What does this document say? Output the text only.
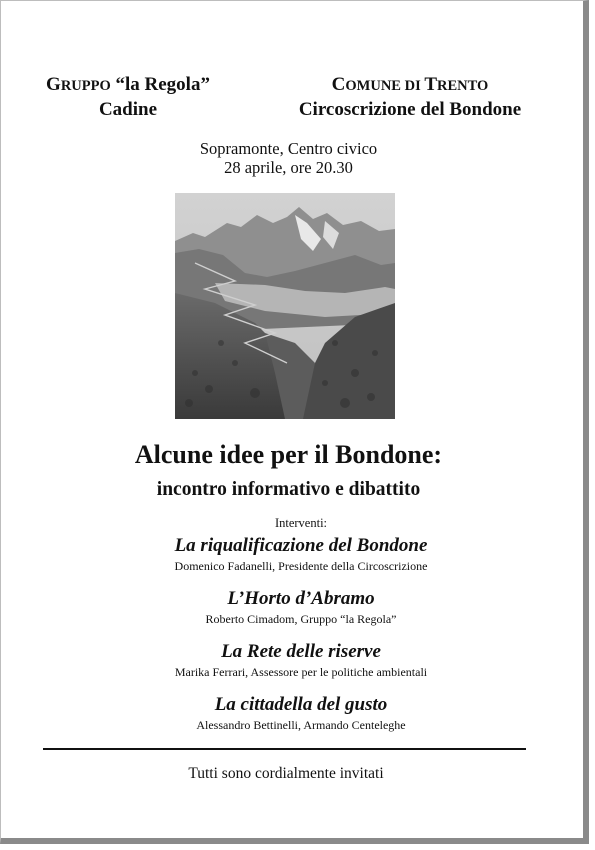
GRUPPO “la Regola”
Cadine
COMUNE DI TRENTO
Circoscrizione del Bondone
Sopramonte, Centro civico
28 aprile, ore 20.30
Alcune idee per il Bondone:
incontro informativo e dibattito
Interventi:
La riqualificazione del Bondone
Domenico Fadanelli, Presidente della Circoscrizione
L’Horto d’Abramo
Roberto Cimadom, Gruppo “la Regola”
La Rete delle riserve
Marika Ferrari, Assessore per le politiche ambientali
La cittadella del gusto
Alessandro Bettinelli, Armando Centeleghe
Tutti sono cordialmente invitati
